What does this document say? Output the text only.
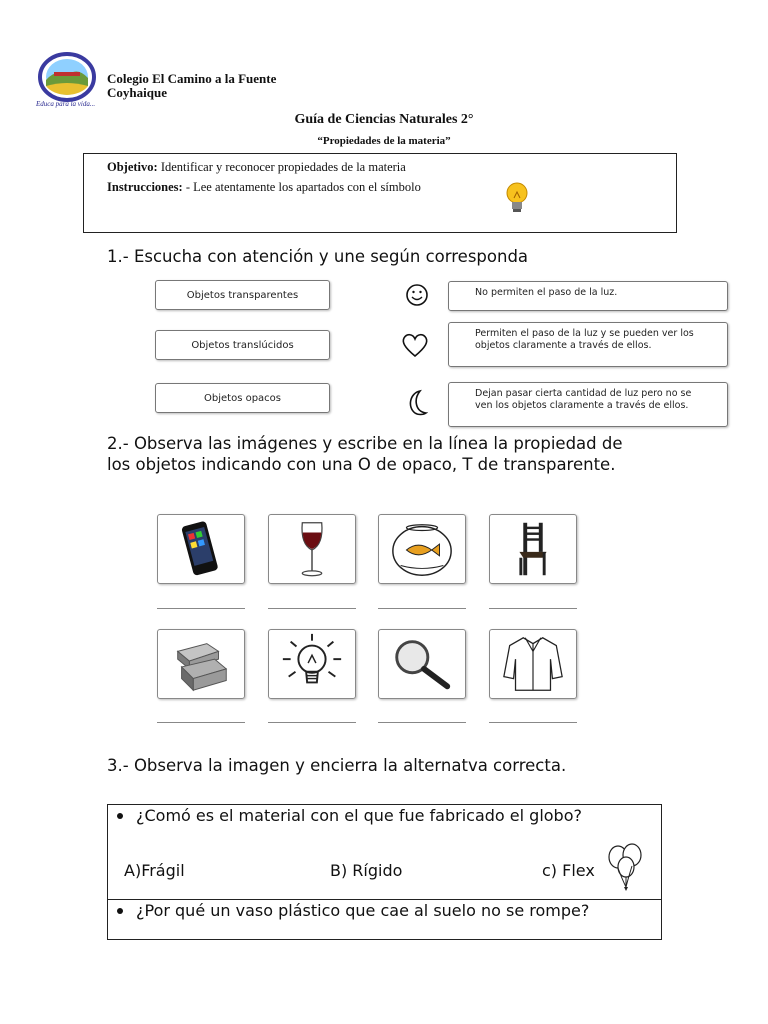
Educa para la vida...
Colegio El Camino a la Fuente
Coyhaique
Guía de Ciencias Naturales 2°
“Propiedades de la materia”
Objetivo: Identificar y reconocer propiedades de la materia
Instrucciones: - Lee atentamente los apartados con el símbolo
1.- Escucha con atención y une según corresponda
Objetos transparentes
Objetos translúcidos
Objetos opacos
No permiten el paso de la luz.
Permiten el paso de la luz y se pueden ver los objetos claramente a través de ellos.
Dejan pasar cierta cantidad de luz pero no se ven los objetos claramente a través de ellos.
2.- Observa las imágenes y escribe en la línea la propiedad de los objetos indicando con una O de opaco, T de transparente.
3.- Observa la imagen y encierra la alternatva correcta.
¿Comó es el material con el que fue fabricado el globo?
A)Frágil	B) Rígido	c) Flex
¿Por qué un vaso plástico que cae al suelo no se rompe?
